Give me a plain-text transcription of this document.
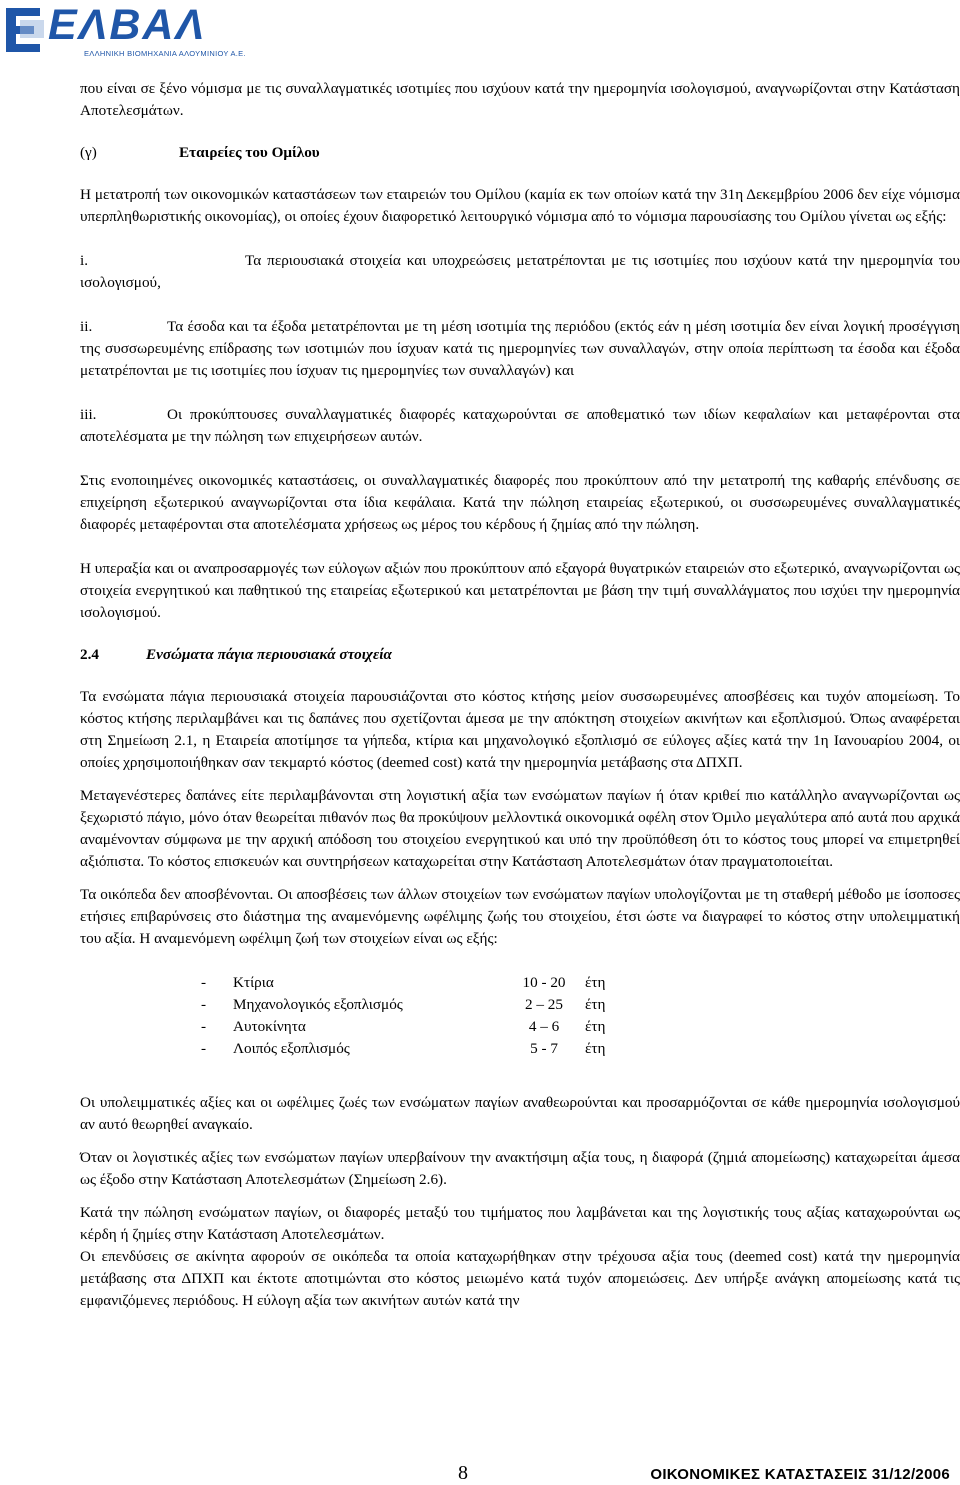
ΕΛΒΑΛ
ΕΛΛΗΝΙΚΗ ΒΙΟΜΗΧΑΝΙΑ ΑΛΟΥΜΙΝΙΟΥ Α.Ε.

που είναι σε ξένο νόμισμα με τις συναλλαγματικές ισοτιμίες που ισχύουν κατά την ημερομηνία ισολογισμού, αναγνωρίζονται στην Κατάσταση Αποτελεσμάτων.

(γ)	Εταιρείες του Ομίλου

Η μετατροπή των οικονομικών καταστάσεων των εταιρειών του Ομίλου (καμία εκ των οποίων κατά την 31η Δεκεμβρίου 2006 δεν είχε νόμισμα υπερπληθωριστικής οικονομίας), οι οποίες έχουν διαφορετικό λειτουργικό νόμισμα από το νόμισμα παρουσίασης του Ομίλου γίνεται ως εξής:

i.	Τα περιουσιακά στοιχεία και υποχρεώσεις μετατρέπονται με τις ισοτιμίες που ισχύουν κατά την ημερομηνία του ισολογισμού,

ii.	Τα έσοδα και τα έξοδα μετατρέπονται με τη μέση ισοτιμία της περιόδου (εκτός εάν η μέση ισοτιμία δεν είναι λογική προσέγγιση της συσσωρευμένης επίδρασης των ισοτιμιών που ίσχυαν κατά τις ημερομηνίες των συναλλαγών, στην οποία περίπτωση τα έσοδα και έξοδα μετατρέπονται με τις ισοτιμίες που ίσχυαν τις ημερομηνίες των συναλλαγών) και

iii.	Οι προκύπτουσες συναλλαγματικές διαφορές καταχωρούνται σε αποθεματικό των ιδίων κεφαλαίων και μεταφέρονται στα αποτελέσματα με την πώληση των επιχειρήσεων αυτών.

Στις ενοποιημένες οικονομικές καταστάσεις, οι συναλλαγματικές διαφορές που προκύπτουν από την μετατροπή της καθαρής επένδυσης σε επιχείρηση εξωτερικού αναγνωρίζονται στα ίδια κεφάλαια. Κατά την πώληση εταιρείας εξωτερικού, οι συσσωρευμένες συναλλαγματικές διαφορές μεταφέρονται στα αποτελέσματα χρήσεως ως μέρος του κέρδους ή ζημίας από την πώληση.

Η υπεραξία και οι αναπροσαρμογές των εύλογων αξιών που προκύπτουν από εξαγορά θυγατρικών εταιρειών στο εξωτερικό, αναγνωρίζονται ως στοιχεία ενεργητικού και παθητικού της εταιρείας εξωτερικού και μετατρέπονται με βάση την τιμή συναλλάγματος που ισχύει την ημερομηνία ισολογισμού.

2.4	Ενσώματα πάγια περιουσιακά στοιχεία

Τα ενσώματα πάγια περιουσιακά στοιχεία παρουσιάζονται στο κόστος κτήσης μείον συσσωρευμένες αποσβέσεις και τυχόν απομείωση. Το κόστος κτήσης περιλαμβάνει και τις δαπάνες που σχετίζονται άμεσα με την απόκτηση στοιχείων ακινήτων και εξοπλισμού. Όπως αναφέρεται στη Σημείωση 2.1, η Εταιρεία αποτίμησε τα γήπεδα, κτίρια και μηχανολογικό εξοπλισμό σε εύλογες αξίες κατά την 1η Ιανουαρίου 2004, οι οποίες χρησιμοποιήθηκαν σαν τεκμαρτό κόστος (deemed cost) κατά την ημερομηνία μετάβασης στα ΔΠΧΠ.

Μεταγενέστερες δαπάνες είτε περιλαμβάνονται στη λογιστική αξία των ενσώματων παγίων ή όταν κριθεί πιο κατάλληλο αναγνωρίζονται ως ξεχωριστό πάγιο, μόνο όταν θεωρείται πιθανόν πως θα προκύψουν μελλοντικά οικονομικά οφέλη στον Όμιλο μεγαλύτερα από αυτά που αρχικά αναμένονταν σύμφωνα με την αρχική απόδοση του στοιχείου ενεργητικού και υπό την προϋπόθεση ότι το κόστος τους μπορεί να επιμετρηθεί αξιόπιστα. Το κόστος επισκευών και συντηρήσεων καταχωρείται στην Κατάσταση Αποτελεσμάτων όταν πραγματοποιείται.

Τα οικόπεδα δεν αποσβένονται. Οι αποσβέσεις των άλλων στοιχείων των ενσώματων παγίων υπολογίζονται με τη σταθερή μέθοδο με ίσοποσες ετήσιες επιβαρύνσεις στο διάστημα της αναμενόμενης ωφέλιμης ζωής του στοιχείου, έτσι ώστε να διαγραφεί το κόστος στην υπολειμματική του αξία. Η αναμενόμενη ωφέλιμη ζωή των στοιχείων είναι ως εξής:

-	Κτίρια	10 - 20	έτη
-	Μηχανολογικός εξοπλισμός	2 – 25	έτη
-	Αυτοκίνητα	4 – 6	έτη
-	Λοιπός εξοπλισμός	5 - 7	έτη

Οι υπολειμματικές αξίες και οι ωφέλιμες ζωές των ενσώματων παγίων αναθεωρούνται και προσαρμόζονται σε κάθε ημερομηνία ισολογισμού αν αυτό θεωρηθεί αναγκαίο.

Όταν οι λογιστικές αξίες των ενσώματων παγίων υπερβαίνουν την ανακτήσιμη αξία τους, η διαφορά (ζημιά απομείωσης) καταχωρείται άμεσα ως έξοδο στην Κατάσταση Αποτελεσμάτων (Σημείωση 2.6).

Κατά την πώληση ενσώματων παγίων, οι διαφορές μεταξύ του τιμήματος που λαμβάνεται και της λογιστικής τους αξίας καταχωρούνται ως κέρδη ή ζημίες στην Κατάσταση Αποτελεσμάτων.

Οι επενδύσεις σε ακίνητα αφορούν σε οικόπεδα τα οποία καταχωρήθηκαν στην τρέχουσα αξία τους (deemed cost) κατά την ημερομηνία μετάβασης στα ΔΠΧΠ και έκτοτε αποτιμώνται στο κόστος μειωμένο κατά τυχόν απομειώσεις. Δεν υπήρξε ανάγκη απομείωσης κατά τις εμφανιζόμενες περιόδους. Η εύλογη αξία των ακινήτων αυτών κατά την

8	ΟΙΚΟΝΟΜΙΚΕΣ ΚΑΤΑΣΤΑΣΕΙΣ 31/12/2006
